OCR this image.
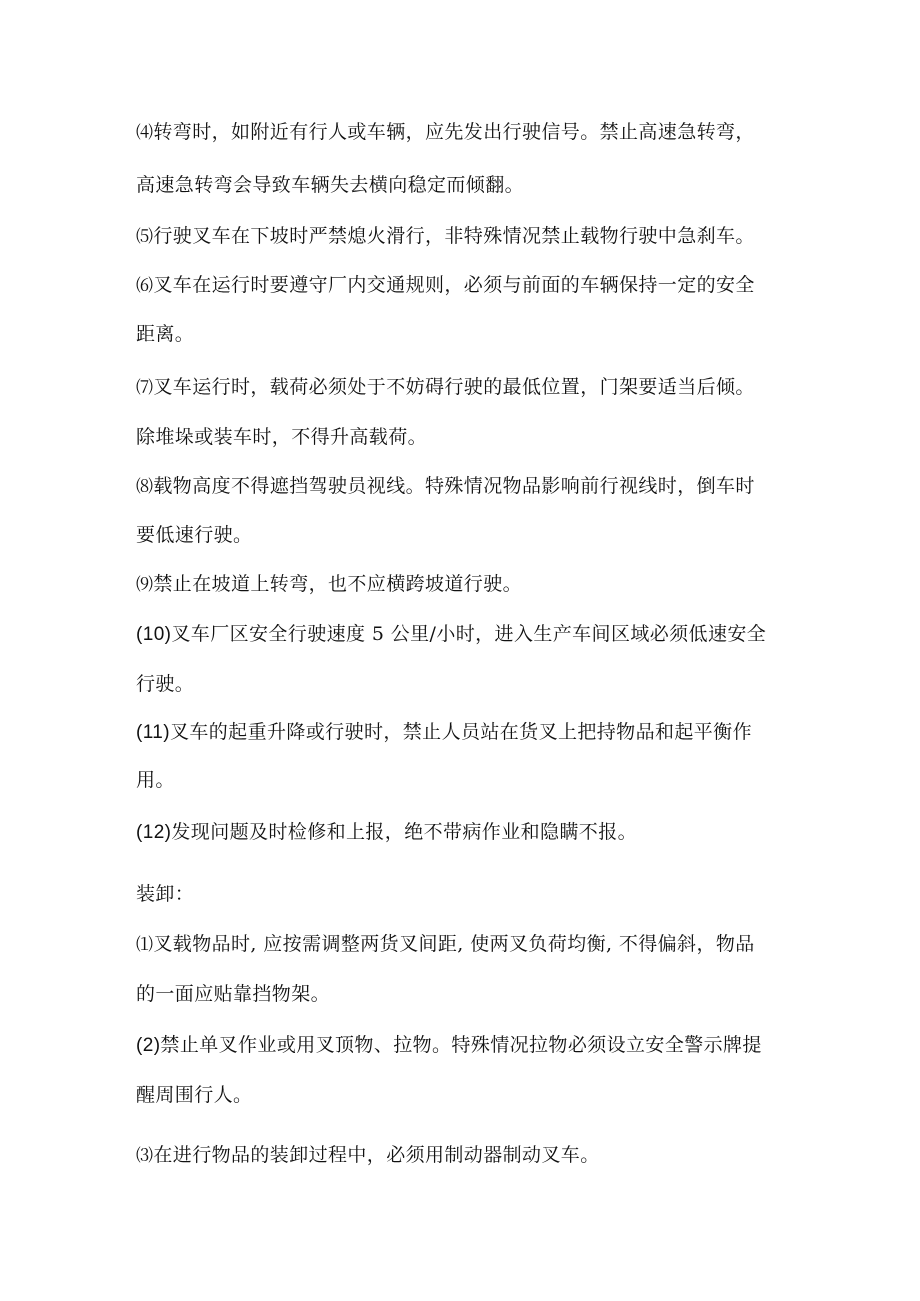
⑷转弯时，如附近有行人或车辆，应先发出行驶信号。禁止高速急转弯，
高速急转弯会导致车辆失去横向稳定而倾翻。
⑸行驶叉车在下坡时严禁熄火滑行，非特殊情况禁止载物行驶中急刹车。
⑹叉车在运行时要遵守厂内交通规则，必须与前面的车辆保持一定的安全
距离。
⑺叉车运行时，载荷必须处于不妨碍行驶的最低位置，门架要适当后倾。
除堆垛或装车时，不得升高载荷。
⑻载物高度不得遮挡驾驶员视线。特殊情况物品影响前行视线时，倒车时
要低速行驶。
⑼禁止在坡道上转弯，也不应横跨坡道行驶。
(10)叉车厂区安全行驶速度 5 公里/小时，进入生产车间区域必须低速安全
行驶。
(11)叉车的起重升降或行驶时，禁止人员站在货叉上把持物品和起平衡作
用。
(12)发现问题及时检修和上报，绝不带病作业和隐瞒不报。
装卸：
⑴叉载物品时, 应按需调整两货叉间距, 使两叉负荷均衡, 不得偏斜，物品
的一面应贴靠挡物架。
(2)禁止单叉作业或用叉顶物、拉物。特殊情况拉物必须设立安全警示牌提
醒周围行人。
⑶在进行物品的装卸过程中，必须用制动器制动叉车。
